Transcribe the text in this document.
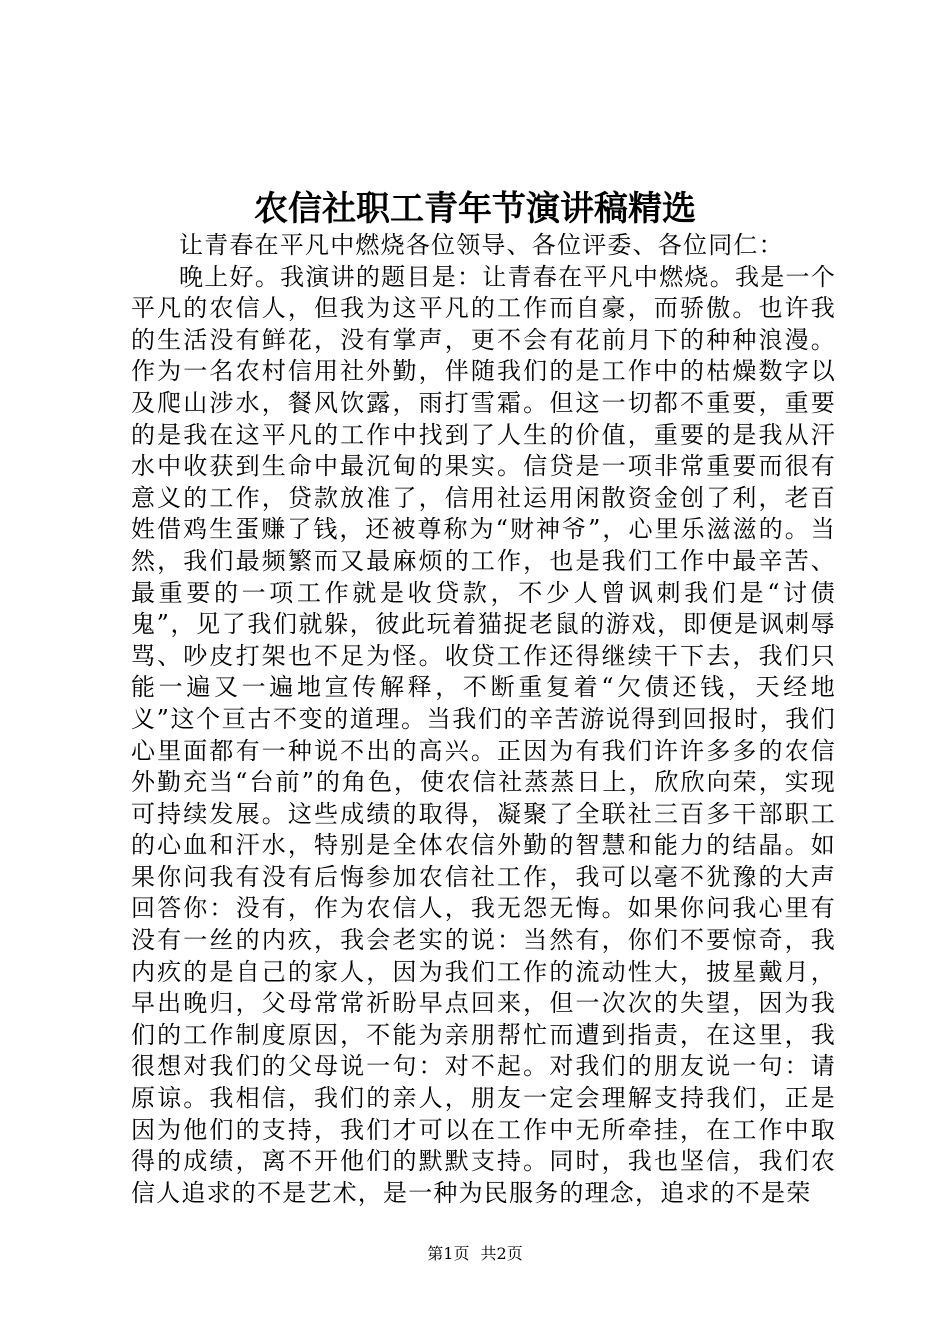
农信社职工青年节演讲稿精选

让青春在平凡中燃烧各位领导、各位评委、各位同仁：

晚上好。我演讲的题目是：让青春在平凡中燃烧。我是一个平凡的农信人，但我为这平凡的工作而自豪，而骄傲。也许我的生活没有鲜花，没有掌声，更不会有花前月下的种种浪漫。作为一名农村信用社外勤，伴随我们的是工作中的枯燥数字以及爬山涉水，餐风饮露，雨打雪霜。但这一切都不重要，重要的是我在这平凡的工作中找到了人生的价值，重要的是我从汗水中收获到生命中最沉甸的果实。信贷是一项非常重要而很有意义的工作，贷款放准了，信用社运用闲散资金创了利，老百姓借鸡生蛋赚了钱，还被尊称为“财神爷”，心里乐滋滋的。当然，我们最频繁而又最麻烦的工作，也是我们工作中最辛苦、最重要的一项工作就是收贷款，不少人曾讽刺我们是“讨债鬼”，见了我们就躲，彼此玩着猫捉老鼠的游戏，即便是讽刺辱骂、吵皮打架也不足为怪。收贷工作还得继续干下去，我们只能一遍又一遍地宣传解释，不断重复着“欠债还钱，天经地义”这个亘古不变的道理。当我们的辛苦游说得到回报时，我们心里面都有一种说不出的高兴。正因为有我们许许多多的农信外勤充当“台前”的角色，使农信社蒸蒸日上，欣欣向荣，实现可持续发展。这些成绩的取得，凝聚了全联社三百多干部职工的心血和汗水，特别是全体农信外勤的智慧和能力的结晶。如果你问我有没有后悔参加农信社工作，我可以毫不犹豫的大声回答你：没有，作为农信人，我无怨无悔。如果你问我心里有没有一丝的内疚，我会老实的说：当然有，你们不要惊奇，我内疚的是自己的家人，因为我们工作的流动性大，披星戴月，早出晚归，父母常常祈盼早点回来，但一次次的失望，因为我们的工作制度原因，不能为亲朋帮忙而遭到指责，在这里，我很想对我们的父母说一句：对不起。对我们的朋友说一句：请原谅。我相信，我们的亲人，朋友一定会理解支持我们，正是因为他们的支持，我们才可以在工作中无所牵挂，在工作中取得的成绩，离不开他们的默默支持。同时，我也坚信，我们农信人追求的不是艺术，是一种为民服务的理念，追求的不是荣

第1页 共2页
